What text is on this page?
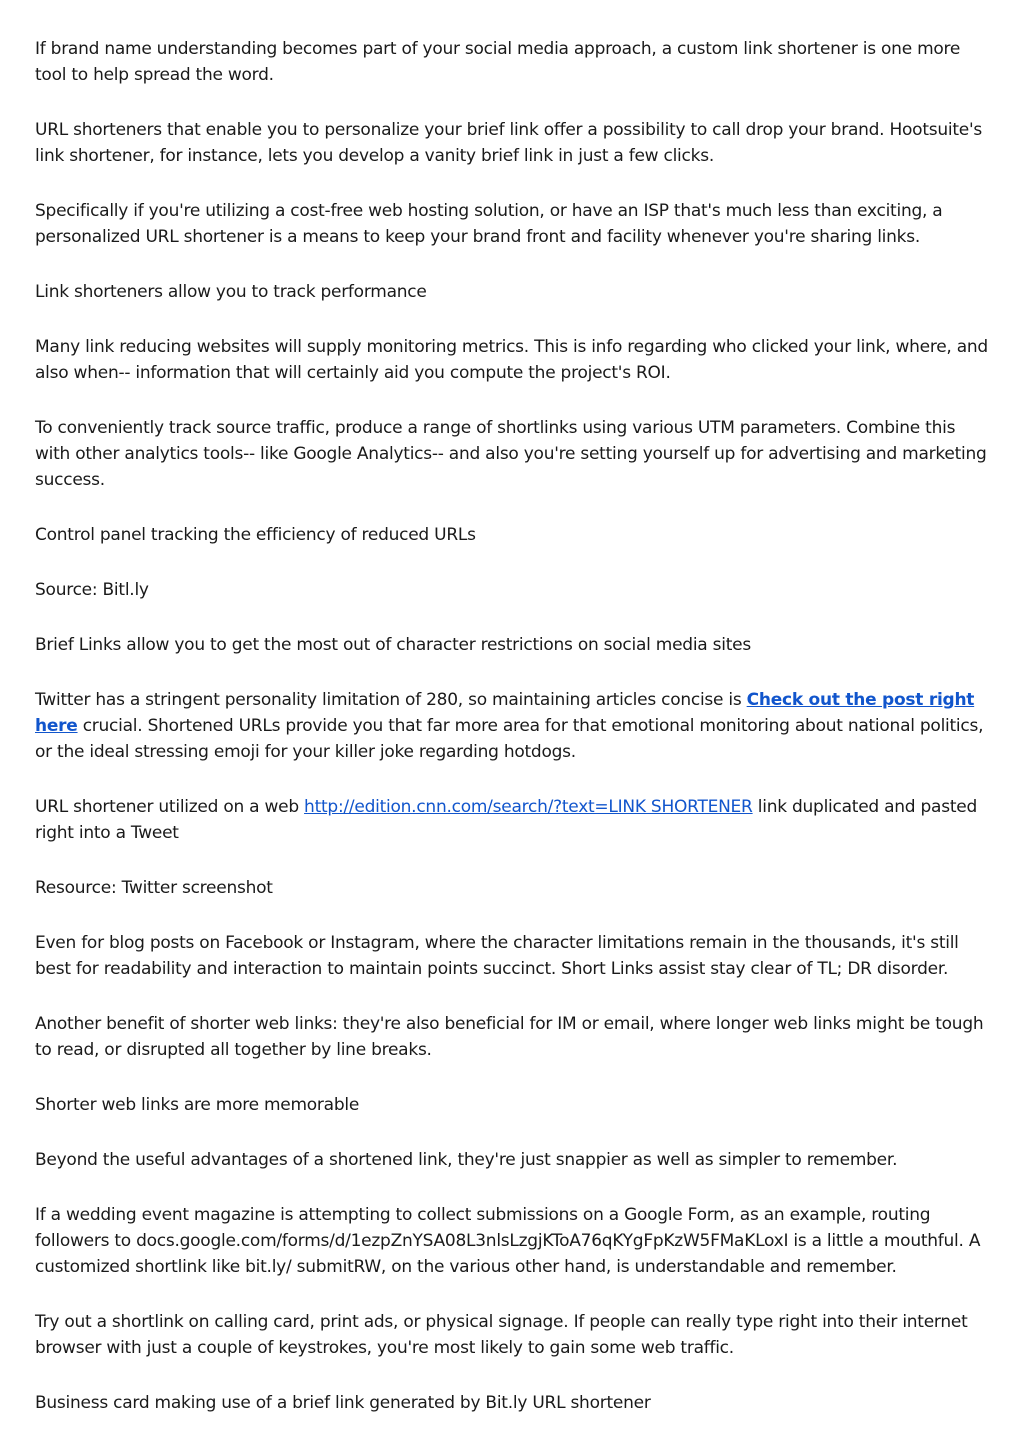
If brand name understanding becomes part of your social media approach, a custom link shortener is one more tool to help spread the word.

URL shorteners that enable you to personalize your brief link offer a possibility to call drop your brand. Hootsuite's link shortener, for instance, lets you develop a vanity brief link in just a few clicks.

Specifically if you're utilizing a cost-free web hosting solution, or have an ISP that's much less than exciting, a personalized URL shortener is a means to keep your brand front and facility whenever you're sharing links.

Link shorteners allow you to track performance

Many link reducing websites will supply monitoring metrics. This is info regarding who clicked your link, where, and also when-- information that will certainly aid you compute the project's ROI.

To conveniently track source traffic, produce a range of shortlinks using various UTM parameters. Combine this with other analytics tools-- like Google Analytics-- and also you're setting yourself up for advertising and marketing success.

Control panel tracking the efficiency of reduced URLs

Source: Bitl.ly

Brief Links allow you to get the most out of character restrictions on social media sites

Twitter has a stringent personality limitation of 280, so maintaining articles concise is Check out the post right here crucial. Shortened URLs provide you that far more area for that emotional monitoring about national politics, or the ideal stressing emoji for your killer joke regarding hotdogs.

URL shortener utilized on a web http://edition.cnn.com/search/?text=LINK SHORTENER link duplicated and pasted right into a Tweet

Resource: Twitter screenshot

Even for blog posts on Facebook or Instagram, where the character limitations remain in the thousands, it's still best for readability and interaction to maintain points succinct. Short Links assist stay clear of TL; DR disorder.

Another benefit of shorter web links: they're also beneficial for IM or email, where longer web links might be tough to read, or disrupted all together by line breaks.

Shorter web links are more memorable

Beyond the useful advantages of a shortened link, they're just snappier as well as simpler to remember.

If a wedding event magazine is attempting to collect submissions on a Google Form, as an example, routing followers to docs.google.com/forms/d/1ezpZnYSA08L3nlsLzgjKToA76qKYgFpKzW5FMaKLoxI is a little a mouthful. A customized shortlink like bit.ly/ submitRW, on the various other hand, is understandable and remember.

Try out a shortlink on calling card, print ads, or physical signage. If people can really type right into their internet browser with just a couple of keystrokes, you're most likely to gain some web traffic.

Business card making use of a brief link generated by Bit.ly URL shortener
